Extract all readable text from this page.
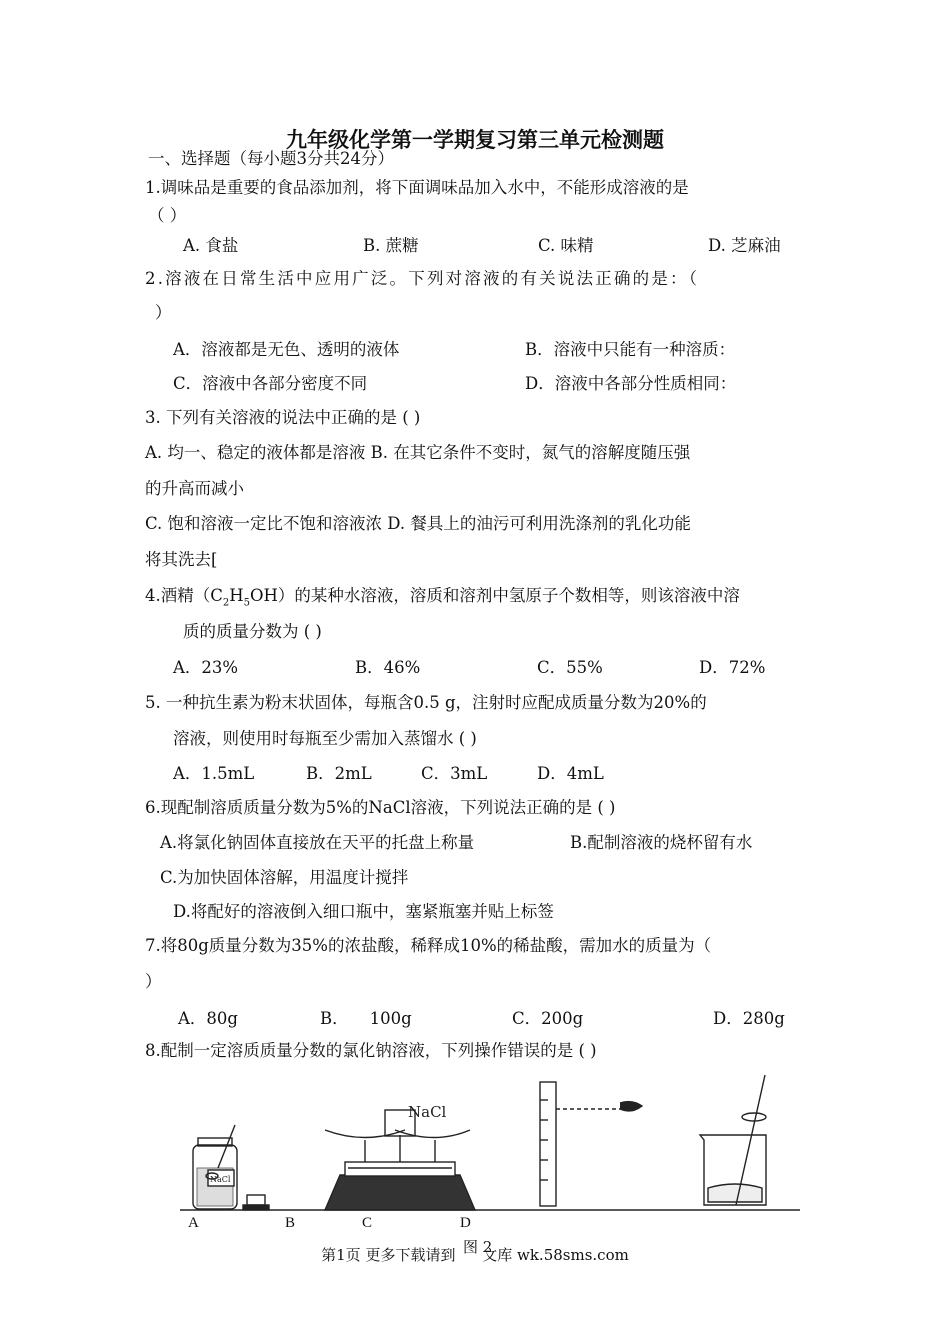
九年级化学第一学期复习第三单元检测题
一、选择题（每小题3分共24分）
1.调味品是重要的食品添加剂，将下面调味品加入水中，不能形成溶液的是
（ ）
A. 食盐	B. 蔗糖	C. 味精	D. 芝麻油
2.溶液在日常生活中应用广泛。下列对溶液的有关说法正确的是：（
）
A．溶液都是无色、透明的液体	B．溶液中只能有一种溶质：
C．溶液中各部分密度不同	D．溶液中各部分性质相同：
3. 下列有关溶液的说法中正确的是 ( )
A. 均一、稳定的液体都是溶液 B. 在其它条件不变时，氮气的溶解度随压强
的升高而减小
C. 饱和溶液一定比不饱和溶液浓 D. 餐具上的油污可利用洗涤剂的乳化功能
将其洗去[
4.酒精$(C_2H_5OH)$的某种水溶液，溶质和溶剂中氢原子个数相等，则该溶液中溶
质的质量分数为 ( )
A．23%	B．46%	C．55%	D．72%
5. 一种抗生素为粉末状固体，每瓶含0.5 g，注射时应配成质量分数为20%的
溶液，则使用时每瓶至少需加入蒸馏水 ( )
A．1.5mL	B．2mL	C．3mL	D．4mL
6.现配制溶质质量分数为5%的NaCl溶液，下列说法正确的是 ( )
A.将氯化钠固体直接放在天平的托盘上称量	B.配制溶液的烧杯留有水
C.为加快固体溶解，用温度计搅拌
D.将配好的溶液倒入细口瓶中，塞紧瓶塞并贴上标签
7.将80g质量分数为35%的浓盐酸，稀释成10%的稀盐酸，需加水的质量为（
）
A．80g	B．    100g	C．200g	D．280g
8.配制一定溶质质量分数的氯化钠溶液，下列操作错误的是 ( )
NaCl
NaCl
A	B	C	D
图 2
第1页 更多下载请到 文库 wk.58sms.com
